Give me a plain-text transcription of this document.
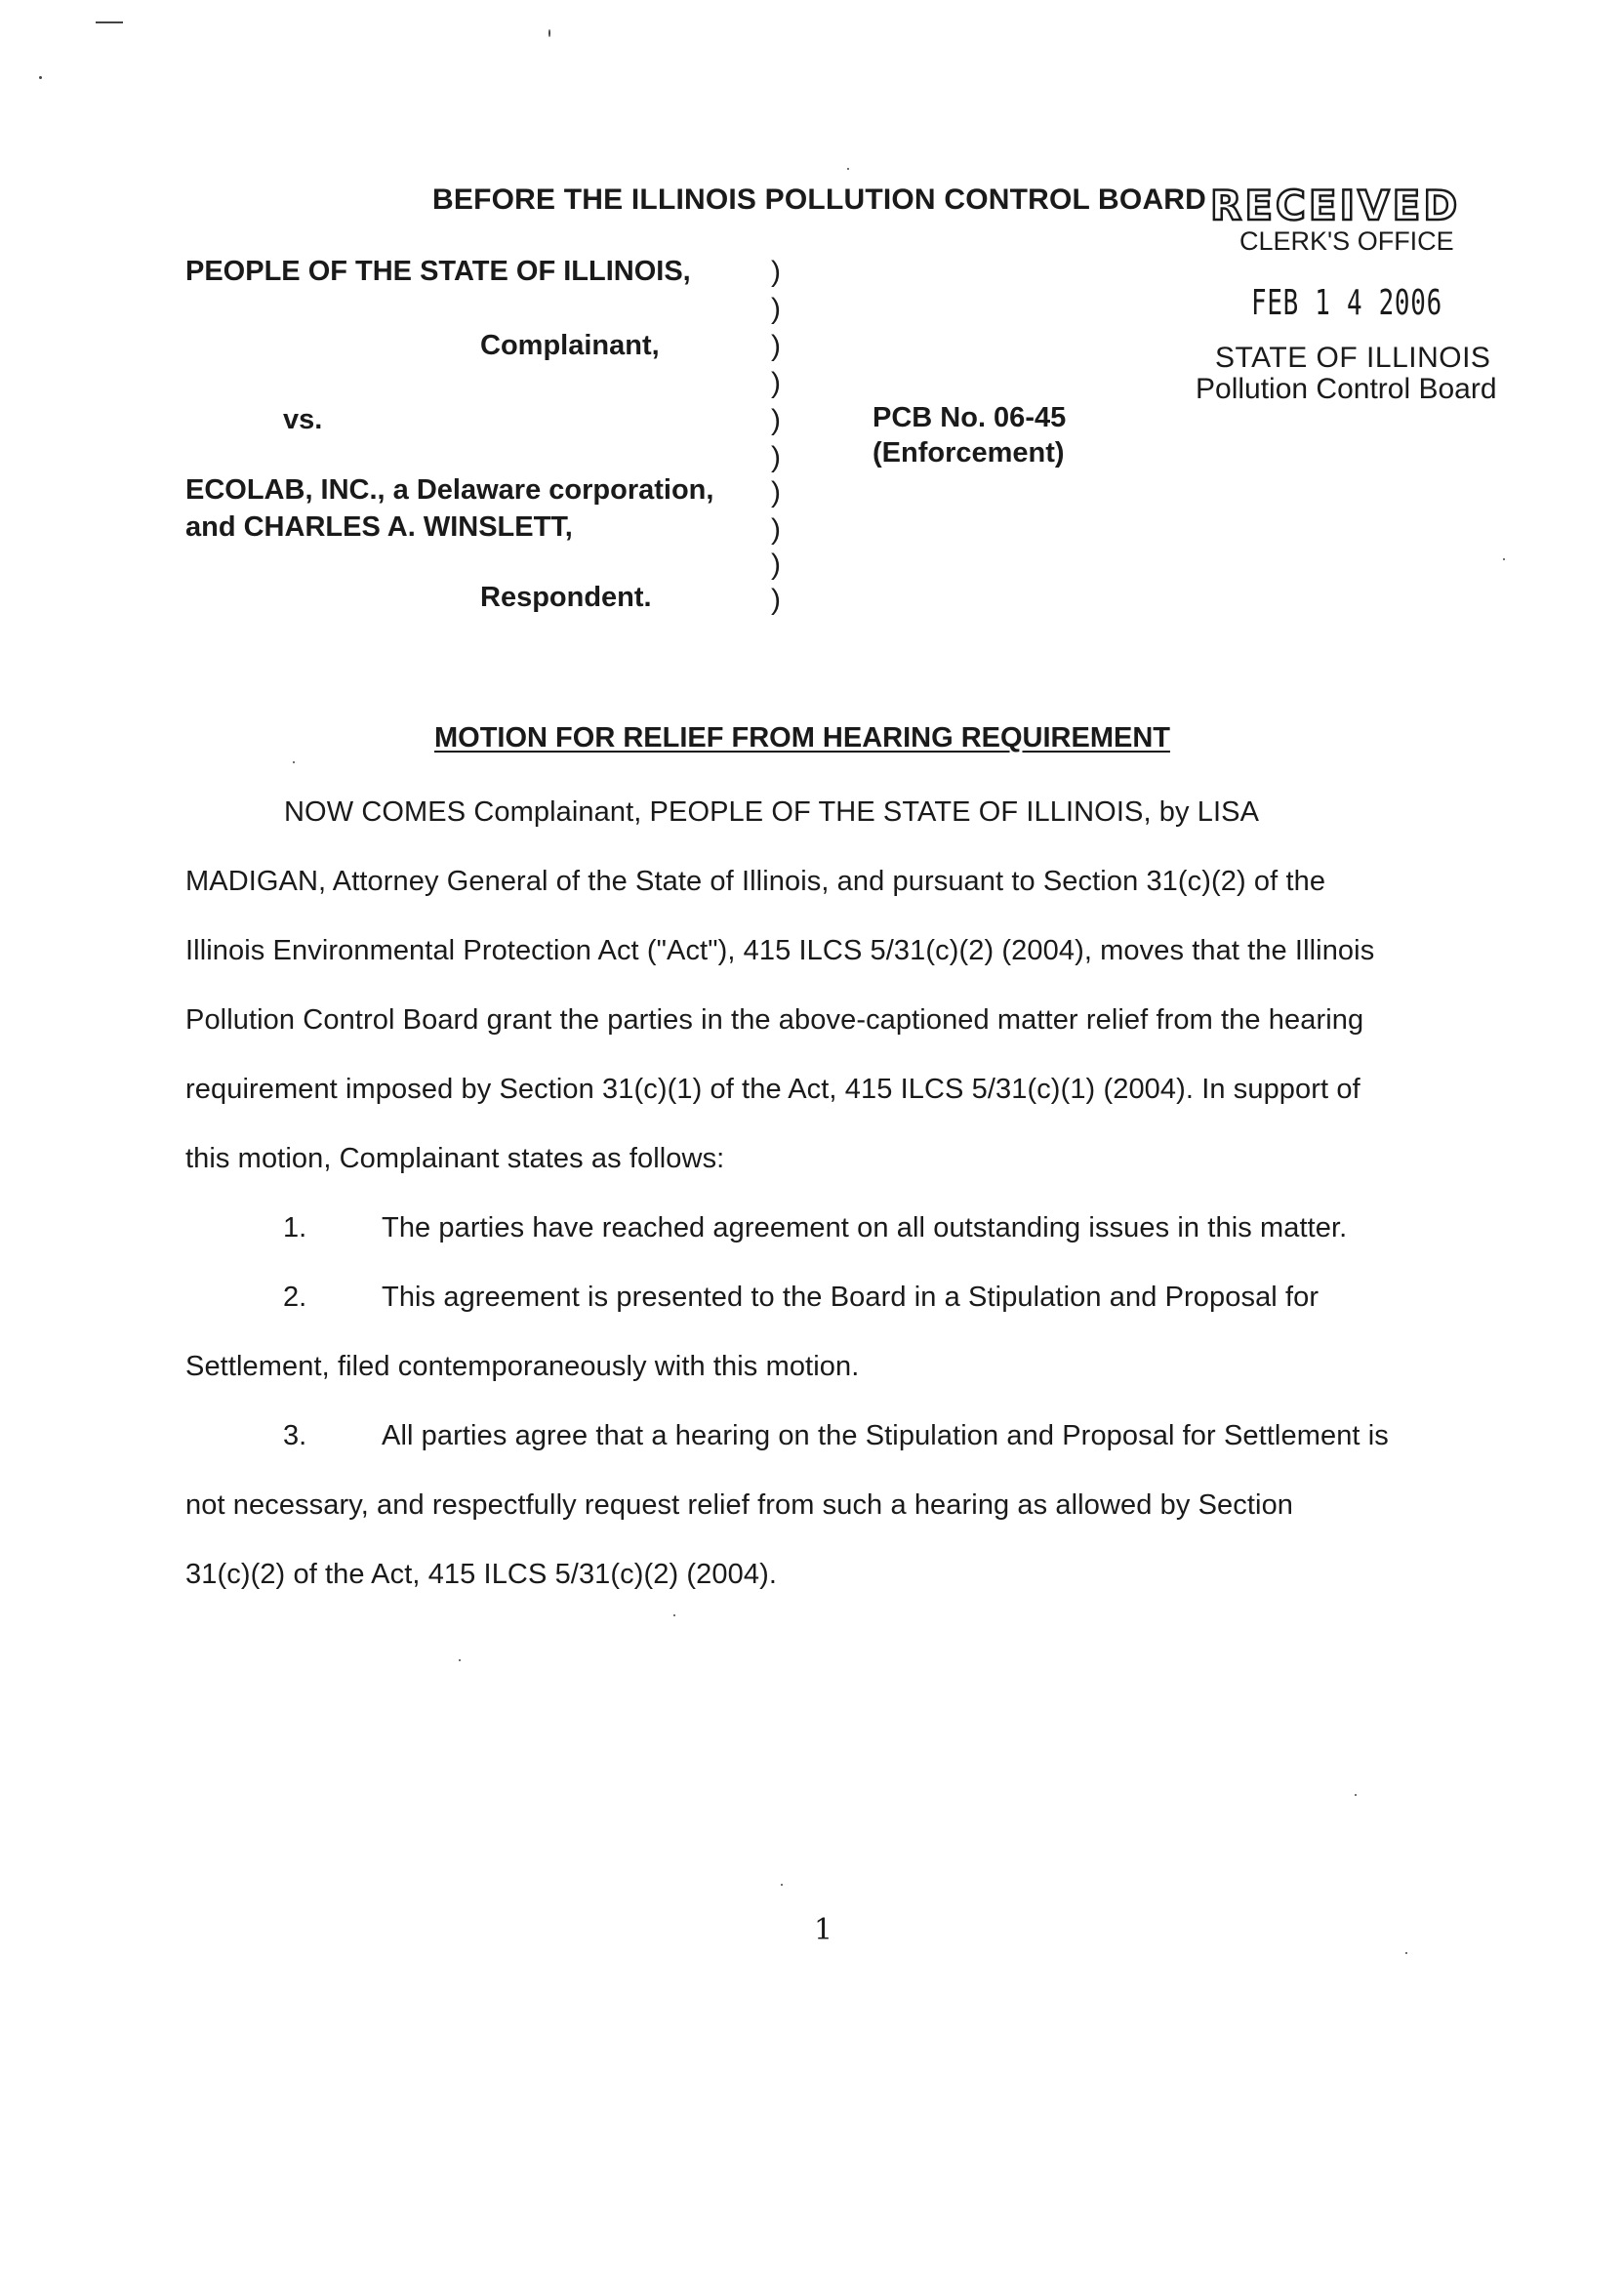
BEFORE THE ILLINOIS POLLUTION CONTROL BOARD RECEIVED
CLERK'S OFFICE
FEB 1 4 2006
STATE OF ILLINOIS
Pollution Control Board
PEOPLE OF THE STATE OF ILLINOIS,
Complainant,
vs.
ECOLAB, INC., a Delaware corporation,
and CHARLES A. WINSLETT,
Respondent.
)
)
)
)
)
)
)
)
)
)
PCB No. 06-45
(Enforcement)
MOTION FOR RELIEF FROM HEARING REQUIREMENT
NOW COMES Complainant, PEOPLE OF THE STATE OF ILLINOIS, by LISA
MADIGAN, Attorney General of the State of Illinois, and pursuant to Section 31(c)(2) of the
Illinois Environmental Protection Act ("Act"), 415 ILCS 5/31(c)(2) (2004), moves that the Illinois
Pollution Control Board grant the parties in the above-captioned matter relief from the hearing
requirement imposed by Section 31(c)(1) of the Act, 415 ILCS 5/31(c)(1) (2004). In support of
this motion, Complainant states as follows:
1.	The parties have reached agreement on all outstanding issues in this matter.
2.	This agreement is presented to the Board in a Stipulation and Proposal for
Settlement, filed contemporaneously with this motion.
3.	All parties agree that a hearing on the Stipulation and Proposal for Settlement is
not necessary, and respectfully request relief from such a hearing as allowed by Section
31(c)(2) of the Act, 415 ILCS 5/31(c)(2) (2004).
1
